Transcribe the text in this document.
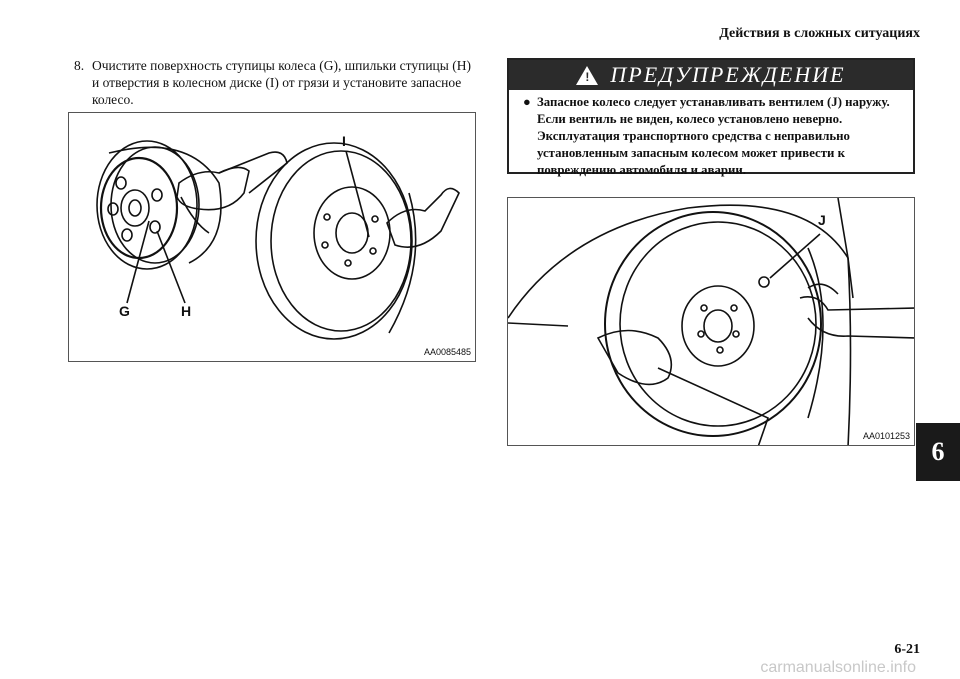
Действия в сложных ситуациях
8. Очистите поверхность ступицы колеса (G), шпильки ступицы (H) и отверстия в колесном диске (I) от грязи и установите запасное колесо.
I
G	H
AA0085485
! ПРЕДУПРЕЖДЕНИЕ
● Запасное колесо следует устанавливать вентилем (J) наружу. Если вентиль не виден, колесо установлено неверно. Эксплуатация транспортного средства с неправильно установленным запасным колесом может привести к повреждению автомобиля и аварии.
J
AA0101253
6
6-21
carmanualsonline.info
